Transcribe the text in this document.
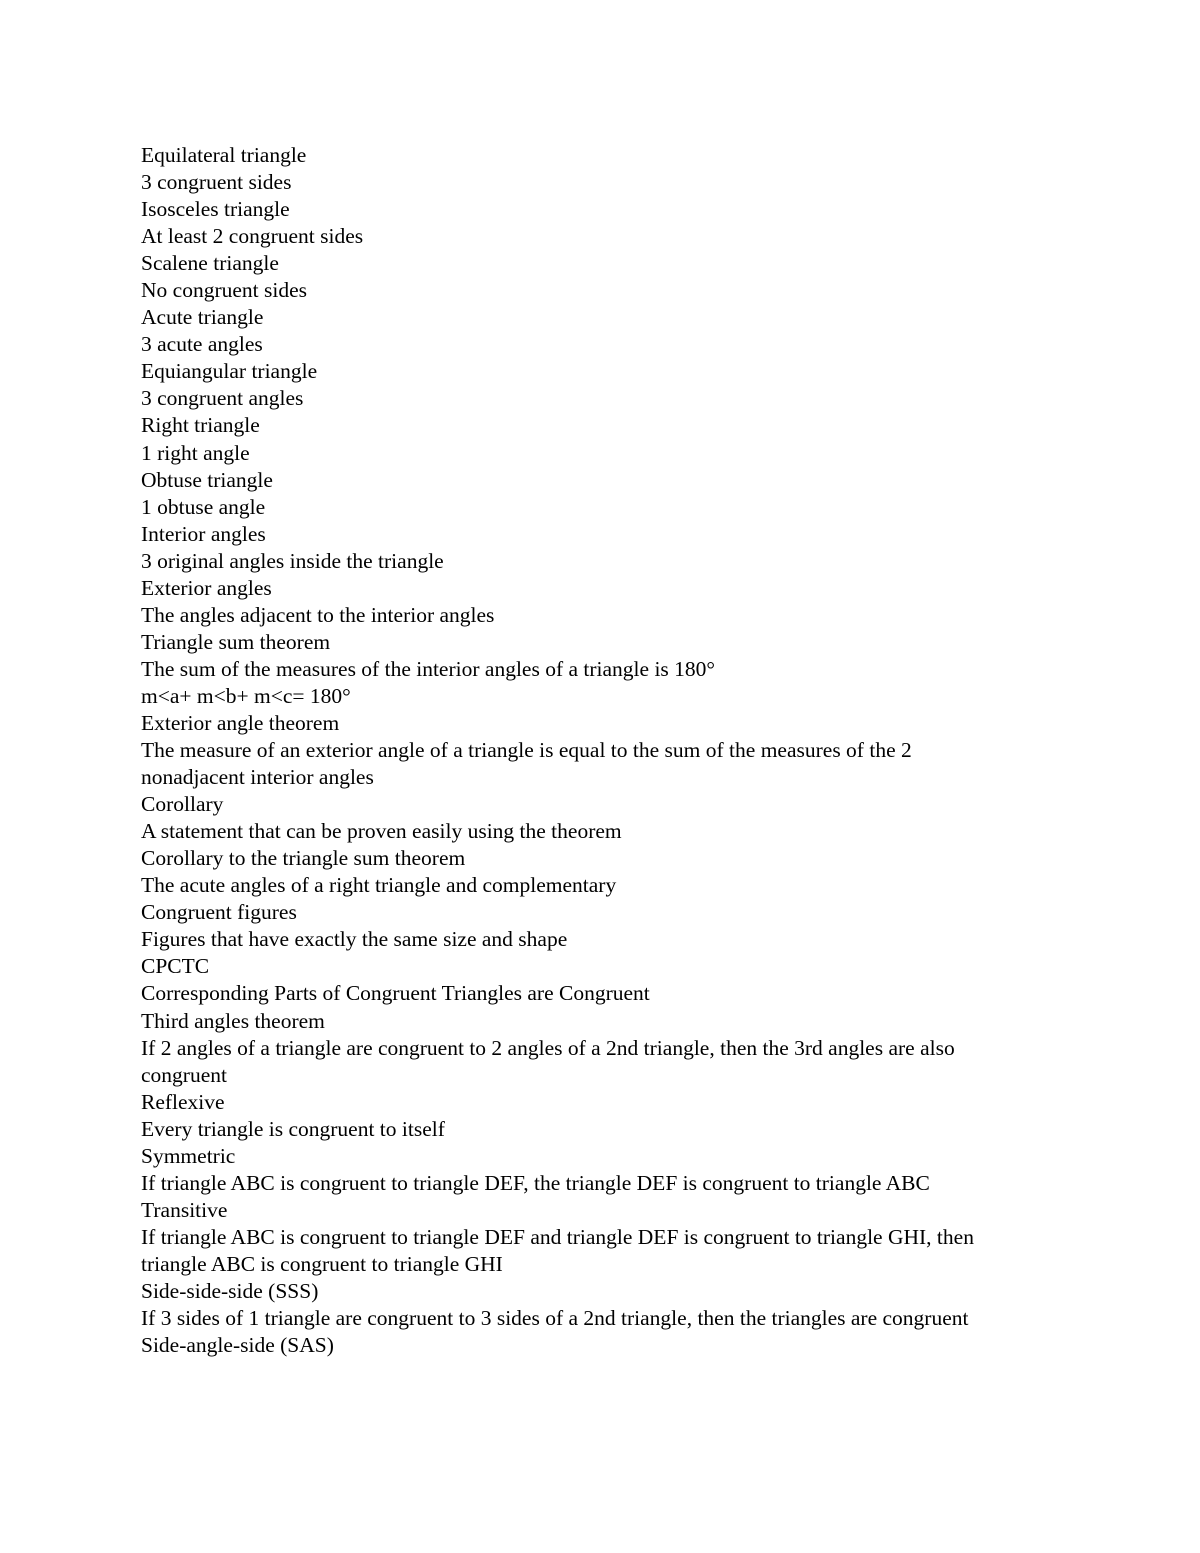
Equilateral triangle

3 congruent sides

Isosceles triangle

At least 2 congruent sides

Scalene triangle

No congruent sides

Acute triangle

3 acute angles

Equiangular triangle

3 congruent angles

Right triangle

1 right angle

Obtuse triangle

1 obtuse angle

Interior angles

3 original angles inside the triangle

Exterior angles

The angles adjacent to the interior angles

Triangle sum theorem

The sum of the measures of the interior angles of a triangle is 180°

m<a+ m<b+ m<c= 180°

Exterior angle theorem

The measure of an exterior angle of a triangle is equal to the sum of the measures of the 2

nonadjacent interior angles

Corollary

A statement that can be proven easily using the theorem

Corollary to the triangle sum theorem

The acute angles of a right triangle and complementary

Congruent figures

Figures that have exactly the same size and shape

CPCTC

Corresponding Parts of Congruent Triangles are Congruent

Third angles theorem

If 2 angles of a triangle are congruent to 2 angles of a 2nd triangle, then the 3rd angles are also

congruent

Reflexive

Every triangle is congruent to itself

Symmetric

If triangle ABC is congruent to triangle DEF, the triangle DEF is congruent to triangle ABC

Transitive

If triangle ABC is congruent to triangle DEF and triangle DEF is congruent to triangle GHI, then

triangle ABC is congruent to triangle GHI

Side-side-side (SSS)

If 3 sides of 1 triangle are congruent to 3 sides of a 2nd triangle, then the triangles are congruent

Side-angle-side (SAS)
